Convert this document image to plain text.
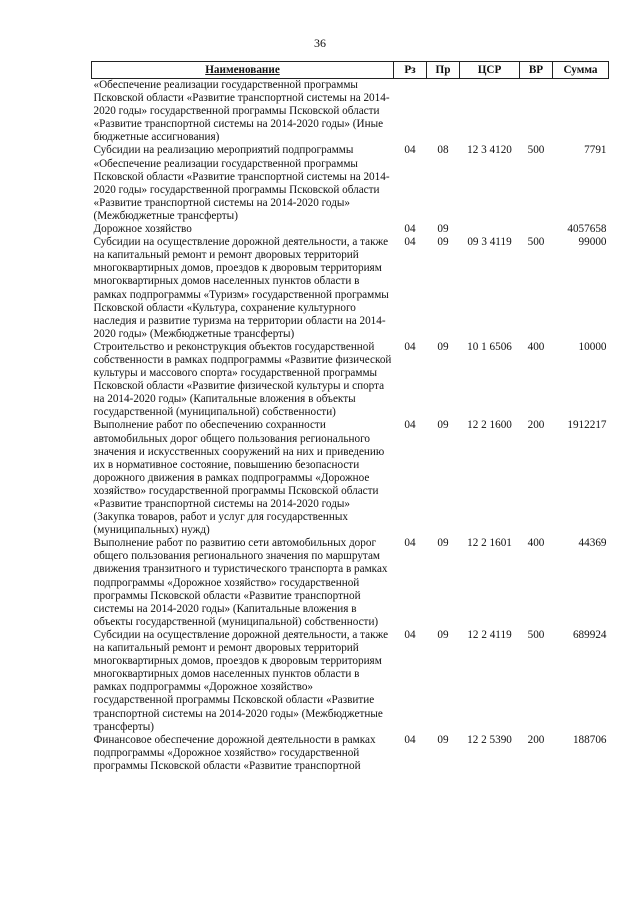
36
Наименование	Рз	Пр	ЦСР	ВР	Сумма
«Обеспечение реализации государственной программы Псковской области «Развитие транспортной системы на 2014-2020 годы» государственной программы Псковской области «Развитие транспортной системы на 2014-2020 годы» (Иные бюджетные ассигнования)					
Субсидии на реализацию мероприятий подпрограммы «Обеспечение реализации государственной программы Псковской области «Развитие транспортной системы на 2014-2020 годы» государственной программы Псковской области «Развитие транспортной системы на 2014-2020 годы» (Межбюджетные трансферты)	04	08	12 3 4120	500	7791
Дорожное хозяйство	04	09			4057658
Субсидии на осуществление дорожной деятельности, а также на капитальный ремонт и ремонт дворовых территорий многоквартирных домов, проездов к дворовым территориям многоквартирных домов населенных пунктов области в рамках подпрограммы «Туризм» государственной программы Псковской области «Культура, сохранение культурного наследия и развитие туризма на территории области на 2014-2020 годы» (Межбюджетные трансферты)	04	09	09 3 4119	500	99000
Строительство и реконструкция объектов государственной собственности в рамках подпрограммы «Развитие физической культуры и массового спорта» государственной программы Псковской области «Развитие физической культуры и спорта на 2014-2020 годы» (Капитальные вложения в объекты государственной (муниципальной) собственности)	04	09	10 1 6506	400	10000
Выполнение работ по обеспечению сохранности автомобильных дорог общего пользования регионального значения и искусственных сооружений на них и приведению их в нормативное состояние, повышению безопасности дорожного движения в рамках подпрограммы «Дорожное хозяйство» государственной программы Псковской области «Развитие транспортной системы на 2014-2020 годы» (Закупка товаров, работ и услуг для государственных (муниципальных) нужд)	04	09	12 2 1600	200	1912217
Выполнение работ по развитию сети автомобильных дорог общего пользования регионального значения по маршрутам движения транзитного и туристического транспорта в рамках подпрограммы «Дорожное хозяйство» государственной программы Псковской области «Развитие транспортной системы на 2014-2020 годы» (Капитальные вложения в объекты государственной (муниципальной) собственности)	04	09	12 2 1601	400	44369
Субсидии на осуществление дорожной деятельности, а также на капитальный ремонт и ремонт дворовых территорий многоквартирных домов, проездов к дворовым территориям многоквартирных домов населенных пунктов области в рамках подпрограммы «Дорожное хозяйство» государственной программы Псковской области «Развитие транспортной системы на 2014-2020 годы» (Межбюджетные трансферты)	04	09	12 2 4119	500	689924
Финансовое обеспечение дорожной деятельности в рамках подпрограммы «Дорожное хозяйство» государственной программы Псковской области «Развитие транспортной	04	09	12 2 5390	200	188706
